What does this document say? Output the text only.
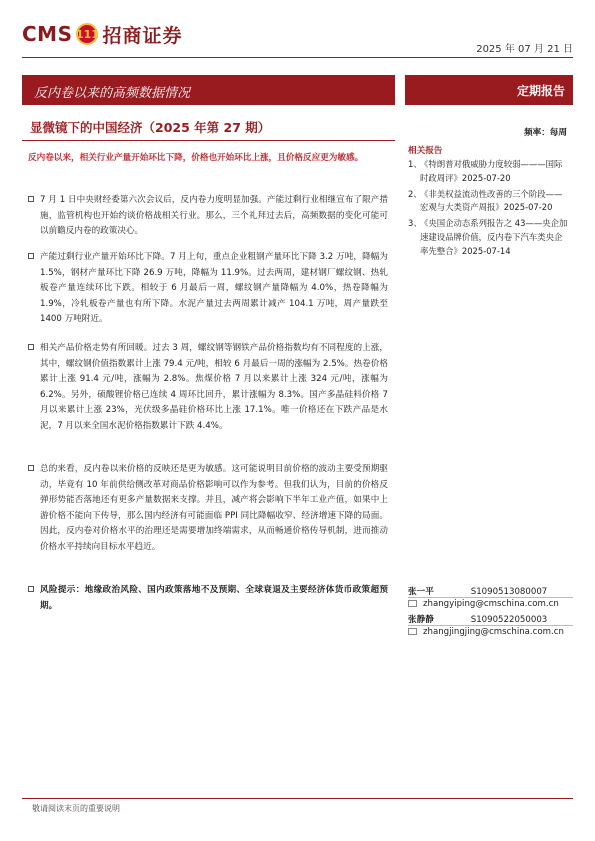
CMS 111 招商证券
2025 年 07 月 21 日
反内卷以来的高频数据情况	定期报告
显微镜下的中国经济（2025 年第 27 期）
反内卷以来，相关行业产量开始环比下降，价格也开始环比上涨，且价格反应更为敏感。
7 月 1 日中央财经委第六次会议后，反内卷力度明显加强。产能过剩行业相继宣布了限产措施，监管机构也开始约谈价格战相关行业。那么，三个礼拜过去后，高频数据的变化可能可以前瞻反内卷的政策决心。
产能过剩行业产量开始环比下降。7 月上旬，重点企业粗钢产量环比下降 3.2 万吨，降幅为 1.5%，钢材产量环比下降 26.9 万吨，降幅为 11.9%。过去两周，建材钢厂螺纹钢、热轧板卷产量连续环比下跌。相较于 6 月最后一周，螺纹钢产量降幅为 4.0%，热卷降幅为 1.9%，冷轧板卷产量也有所下降。水泥产量过去两周累计减产 104.1 万吨，周产量跌至 1400 万吨附近。
相关产品价格走势有所回暖。过去 3 周，螺纹钢等钢铁产品价格指数均有不同程度的上涨，其中，螺纹钢价值指数累计上涨 79.4 元/吨，相较 6 月最后一周的涨幅为 2.5%。热卷价格累计上涨 91.4 元/吨，涨幅为 2.8%。焦煤价格 7 月以来累计上涨 324 元/吨，涨幅为 6.2%。另外，硕酸锂价格已连续 4 周环比回升，累计涨幅为 8.3%。国产多晶硅料价格 7 月以来累计上涨 23%，光伏级多晶硅价格环比上涨 17.1%。唯一价格还在下跌产品是水泥，7 月以来全国水泥价格指数累计下跌 4.4%。
总的来看，反内卷以来价格的反映还是更为敏感。这可能说明目前价格的波动主要受预期驱动，毕竟有 10 年前供给侧改革对商品价格影响可以作为参考。但我们认为，目前的价格反弹形势能否落地还有更多产量数据来支撑。并且，减产将会影响下半年工业产值，如果中上游价格不能向下传导，那么国内经济有可能面临 PPI 同比降幅收窄、经济增速下降的局面。因此，反内卷对价格水平的治理还是需要增加终端需求，从而畅通价格传导机制，进而推动价格水平持续向目标水平趋近。
风险提示：地缘政治风险、国内政策落地不及预期、全球衰退及主要经济体货币政策超预期。
频率：每周
相关报告
1、
《特朗普对俄威胁力度较弱———国际时政周评》2025-07-20
2、
《非美权益流动性改善的三个阶段——宏观与大类资产周报》2025-07-20
3、
《央国企动态系列报告之 43——央企加速建设品牌价值，反内卷下汽车类央企率先整合》2025-07-14
张一平	S1090513080007
zhangyiping@cmschina.com.cn
张静静	S1090522050003
zhangjingjing@cmschina.com.cn
敬请阅读末页的重要说明
